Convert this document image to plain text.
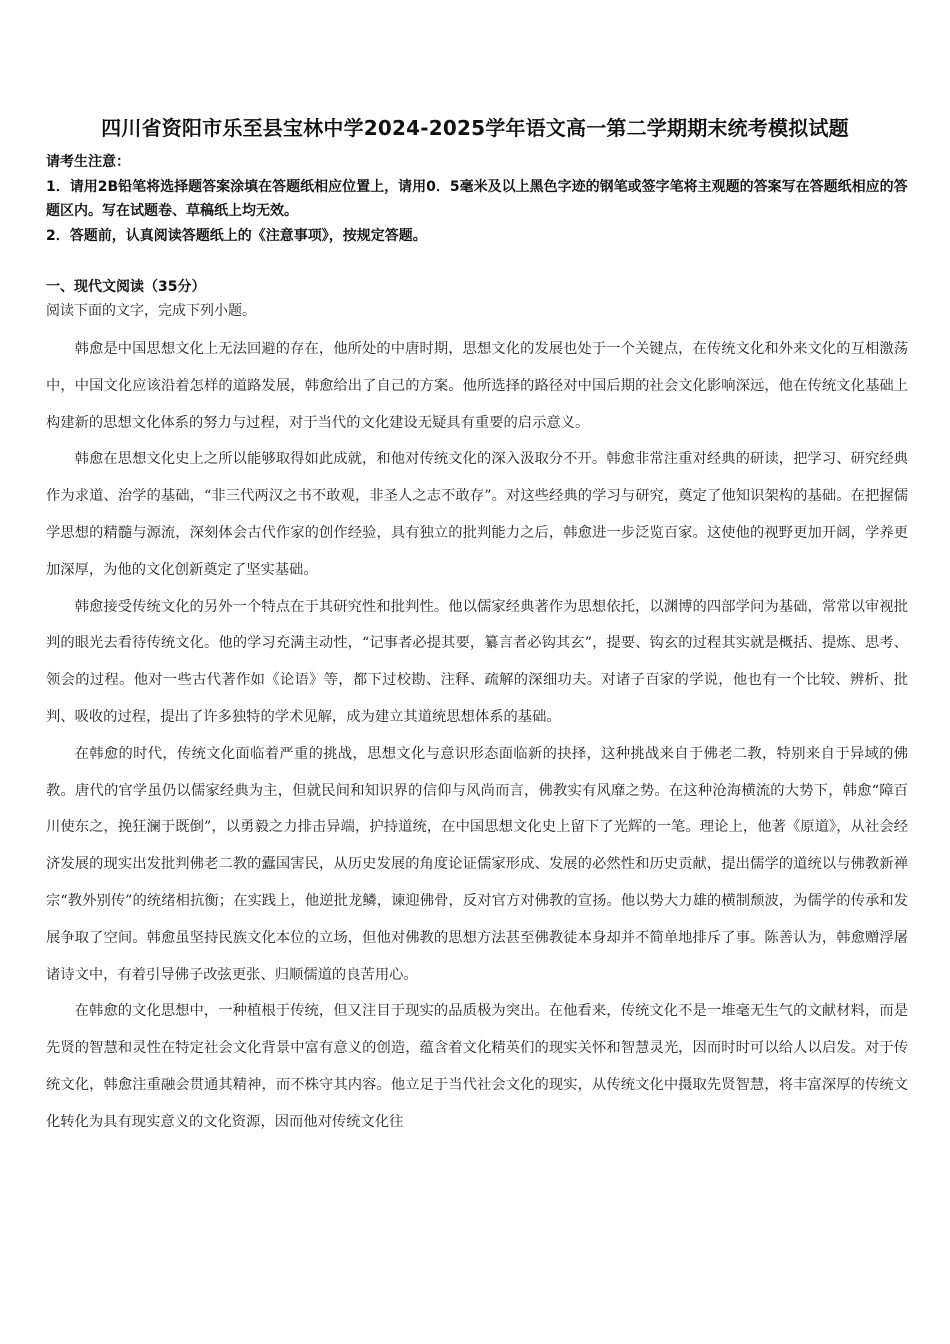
四川省资阳市乐至县宝林中学2024-2025学年语文高一第二学期期末统考模拟试题

请考生注意：

1．请用2B铅笔将选择题答案涂填在答题纸相应位置上，请用0．5毫米及以上黑色字迹的钢笔或签字笔将主观题的答案写在答题纸相应的答题区内。写在试题卷、草稿纸上均无效。

2．答题前，认真阅读答题纸上的《注意事项》，按规定答题。

一、现代文阅读（35分）
阅读下面的文字，完成下列小题。

韩愈是中国思想文化上无法回避的存在，他所处的中唐时期，思想文化的发展也处于一个关键点，在传统文化和外来文化的互相激荡中，中国文化应该沿着怎样的道路发展，韩愈给出了自己的方案。他所选择的路径对中国后期的社会文化影响深远，他在传统文化基础上构建新的思想文化体系的努力与过程，对于当代的文化建设无疑具有重要的启示意义。

韩愈在思想文化史上之所以能够取得如此成就，和他对传统文化的深入汲取分不开。韩愈非常注重对经典的研读，把学习、研究经典作为求道、治学的基础，“非三代两汉之书不敢观，非圣人之志不敢存”。对这些经典的学习与研究，奠定了他知识架构的基础。在把握儒学思想的精髓与源流，深刻体会古代作家的创作经验，具有独立的批判能力之后，韩愈进一步泛览百家。这使他的视野更加开阔，学养更加深厚，为他的文化创新奠定了坚实基础。

韩愈接受传统文化的另外一个特点在于其研究性和批判性。他以儒家经典著作为思想依托，以渊博的四部学问为基础，常常以审视批判的眼光去看待传统文化。他的学习充满主动性，“记事者必提其要，纂言者必钩其玄”，提要、钩玄的过程其实就是概括、提炼、思考、领会的过程。他对一些古代著作如《论语》等，都下过校勘、注释、疏解的深细功夫。对诸子百家的学说，他也有一个比较、辨析、批判、吸收的过程，提出了许多独特的学术见解，成为建立其道统思想体系的基础。

在韩愈的时代，传统文化面临着严重的挑战，思想文化与意识形态面临新的抉择，这种挑战来自于佛老二教，特别来自于异域的佛教。唐代的官学虽仍以儒家经典为主，但就民间和知识界的信仰与风尚而言，佛教实有风靡之势。在这种沧海横流的大势下，韩愈“障百川使东之，挽狂澜于既倒”，以勇毅之力排击异端，护持道统，在中国思想文化史上留下了光辉的一笔。理论上，他著《原道》，从社会经济发展的现实出发批判佛老二教的蠹国害民，从历史发展的角度论证儒家形成、发展的必然性和历史贡献，提出儒学的道统以与佛教新禅宗“教外别传”的统绪相抗衡；在实践上，他逆批龙鳞，谏迎佛骨，反对官方对佛教的宣扬。他以势大力雄的横制颓波，为儒学的传承和发展争取了空间。韩愈虽坚持民族文化本位的立场，但他对佛教的思想方法甚至佛教徒本身却并不简单地排斥了事。陈善认为，韩愈赠浮屠诸诗文中，有着引导佛子改弦更张、归顺儒道的良苦用心。

在韩愈的文化思想中，一种植根于传统，但又注目于现实的品质极为突出。在他看来，传统文化不是一堆毫无生气的文献材料，而是先贤的智慧和灵性在特定社会文化背景中富有意义的创造，蕴含着文化精英们的现实关怀和智慧灵光，因而时时可以给人以启发。对于传统文化，韩愈注重融会贯通其精神，而不株守其内容。他立足于当代社会文化的现实，从传统文化中摄取先贤智慧，将丰富深厚的传统文化转化为具有现实意义的文化资源，因而他对传统文化往
